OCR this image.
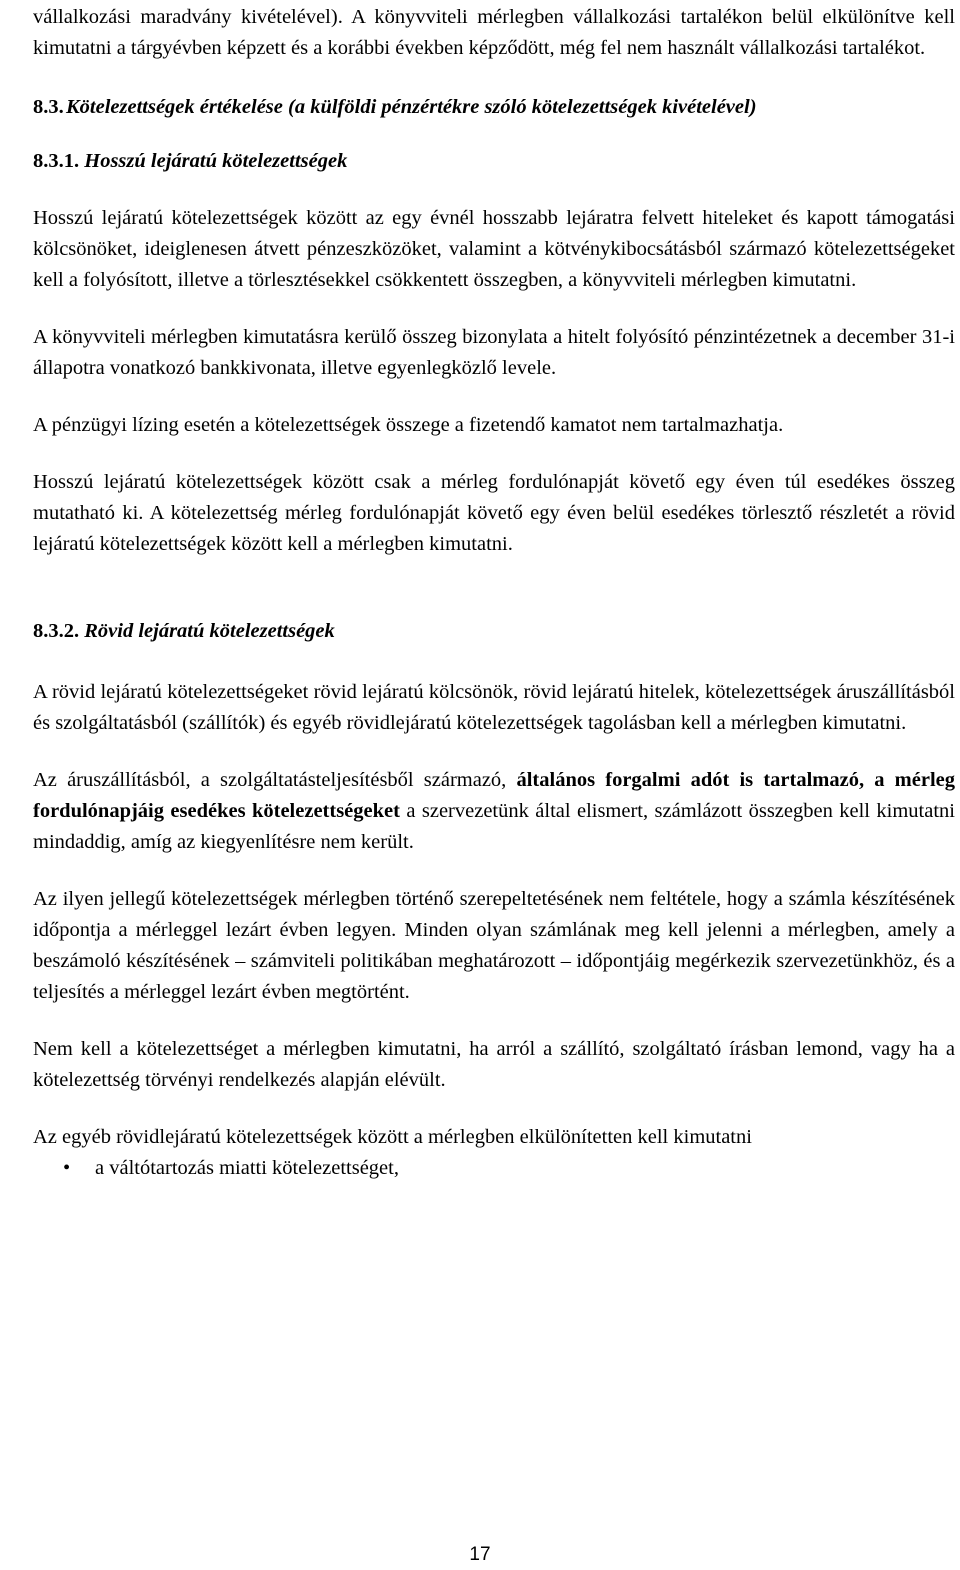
vállalkozási maradvány kivételével). A könyvviteli mérlegben vállalkozási tartalékon belül elkülönítve kell kimutatni a tárgyévben képzett és a korábbi években képződött, még fel nem használt vállalkozási tartalékot.

8.3. Kötelezettségek értékelése (a külföldi pénzértékre szóló kötelezettségek kivételével)
8.3.1. Hosszú lejáratú kötelezettségek

Hosszú lejáratú kötelezettségek között az egy évnél hosszabb lejáratra felvett hiteleket és kapott támogatási kölcsönöket, ideiglenesen átvett pénzeszközöket, valamint a kötvénykibocsátásból származó kötelezettségeket kell a folyósított, illetve a törlesztésekkel csökkentett összegben, a könyvviteli mérlegben kimutatni.

A könyvviteli mérlegben kimutatásra kerülő összeg bizonylata a hitelt folyósító pénzintézetnek a december 31-i állapotra vonatkozó bankkivonata, illetve egyenlegközlő levele.

A pénzügyi lízing esetén a kötelezettségek összege a fizetendő kamatot nem tartalmazhatja.

Hosszú lejáratú kötelezettségek között csak a mérleg fordulónapját követő egy éven túl esedékes összeg mutatható ki. A kötelezettség mérleg fordulónapját követő egy éven belül esedékes törlesztő részletét a rövid lejáratú kötelezettségek között kell a mérlegben kimutatni.

8.3.2. Rövid lejáratú kötelezettségek

A rövid lejáratú kötelezettségeket rövid lejáratú kölcsönök, rövid lejáratú hitelek, kötelezettségek áruszállításból és szolgáltatásból (szállítók) és egyéb rövidlejáratú kötelezettségek tagolásban kell a mérlegben kimutatni.

Az áruszállításból, a szolgáltatásteljesítésből származó, általános forgalmi adót is tartalmazó, a mérleg fordulónapjáig esedékes kötelezettségeket a szervezetünk által elismert, számlázott összegben kell kimutatni mindaddig, amíg az kiegyenlítésre nem került.

Az ilyen jellegű kötelezettségek mérlegben történő szerepeltetésének nem feltétele, hogy a számla készítésének időpontja a mérleggel lezárt évben legyen. Minden olyan számlának meg kell jelenni a mérlegben, amely a beszámoló készítésének – számviteli politikában meghatározott – időpontjáig megérkezik szervezetünkhöz, és a teljesítés a mérleggel lezárt évben megtörtént.

Nem kell a kötelezettséget a mérlegben kimutatni, ha arról a szállító, szolgáltató írásban lemond, vagy ha a kötelezettség törvényi rendelkezés alapján elévült.

Az egyéb rövidlejáratú kötelezettségek között a mérlegben elkülönítetten kell kimutatni

• a váltótartozás miatti kötelezettséget,
17
